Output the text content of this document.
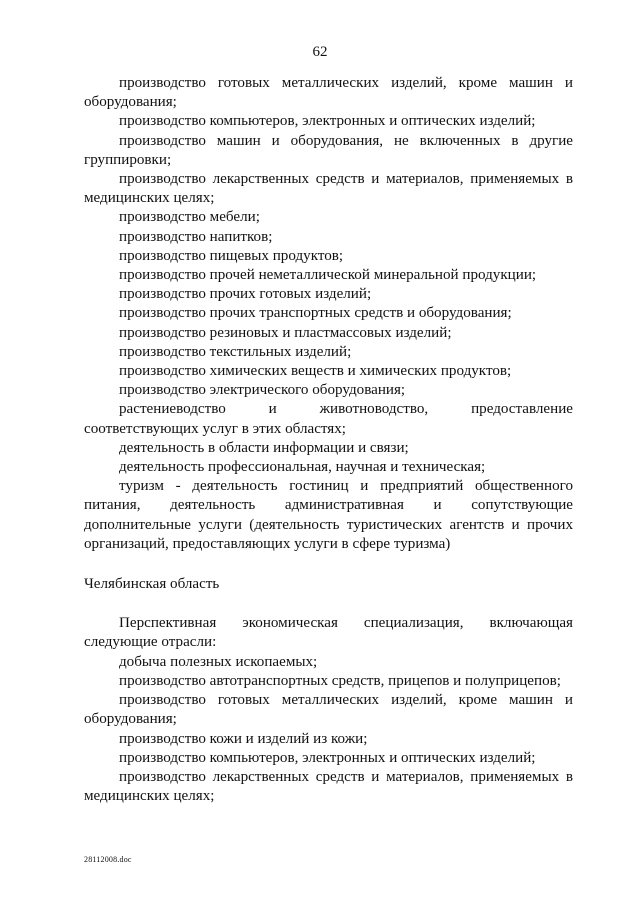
62

производство готовых металлических изделий, кроме машин и оборудования;

производство компьютеров, электронных и оптических изделий;

производство машин и оборудования, не включенных в другие группировки;

производство лекарственных средств и материалов, применяемых в медицинских целях;

производство мебели;

производство напитков;

производство пищевых продуктов;

производство прочей неметаллической минеральной продукции;

производство прочих готовых изделий;

производство прочих транспортных средств и оборудования;

производство резиновых и пластмассовых изделий;

производство текстильных изделий;

производство химических веществ и химических продуктов;

производство электрического оборудования;

растениеводство и животноводство, предоставление соответствующих услуг в этих областях;

деятельность в области информации и связи;

деятельность профессиональная, научная и техническая;

туризм - деятельность гостиниц и предприятий общественного питания, деятельность административная и сопутствующие дополнительные услуги (деятельность туристических агентств и прочих организаций, предоставляющих услуги в сфере туризма)

Челябинская область

Перспективная экономическая специализация, включающая следующие отрасли:

добыча полезных ископаемых;

производство автотранспортных средств, прицепов и полуприцепов;

производство готовых металлических изделий, кроме машин и оборудования;

производство кожи и изделий из кожи;

производство компьютеров, электронных и оптических изделий;

производство лекарственных средств и материалов, применяемых в медицинских целях;

28112008.doc
